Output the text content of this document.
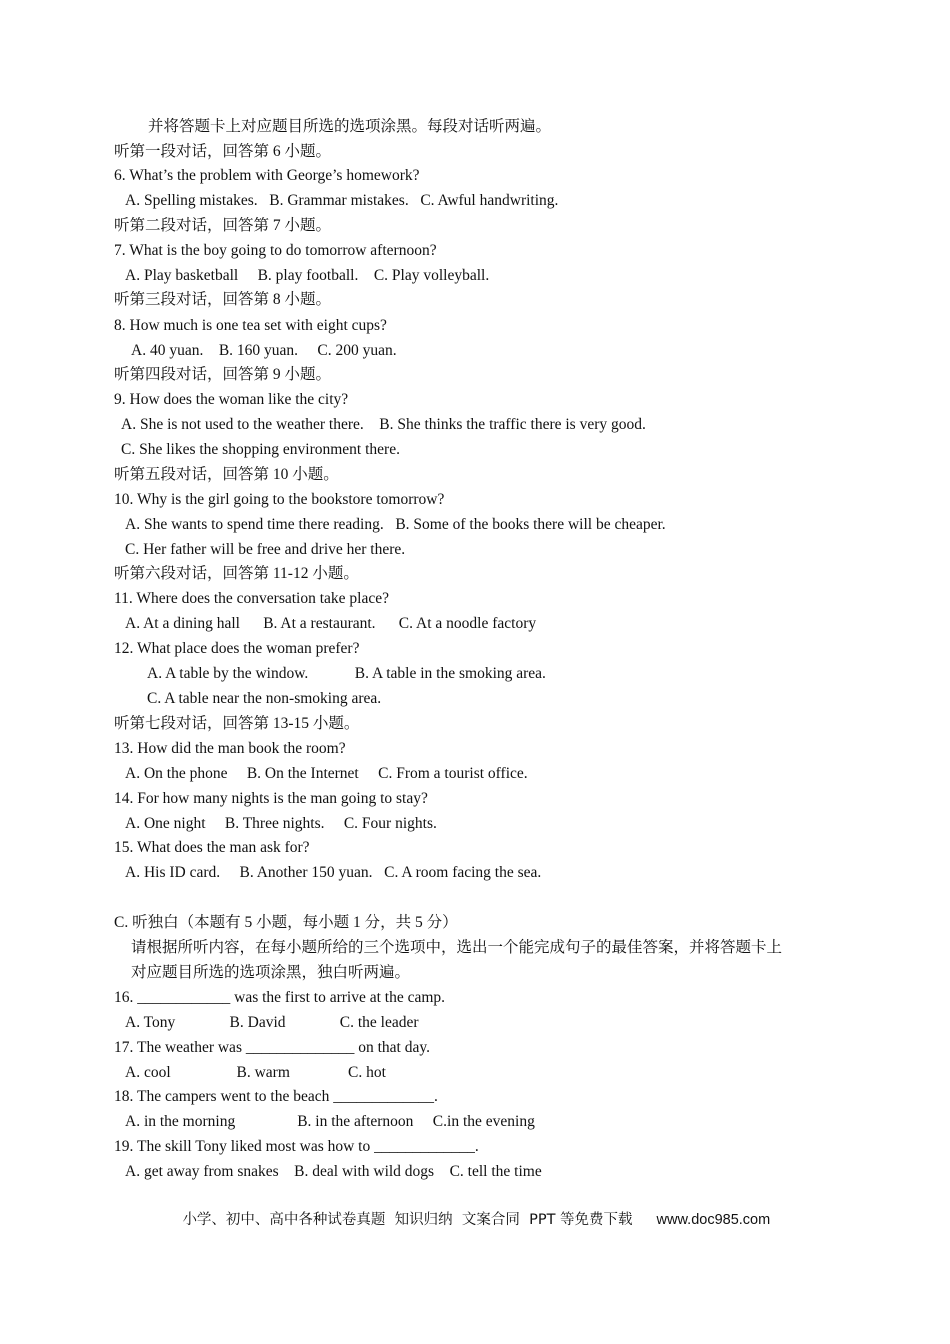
并将答题卡上对应题目所选的选项涂黑。每段对话听两遍。
听第一段对话，回答第 6 小题。
6. What’s the problem with George’s homework?
A. Spelling mistakes.   B. Grammar mistakes.   C. Awful handwriting.
听第二段对话，回答第 7 小题。
7. What is the boy going to do tomorrow afternoon?
A. Play basketball     B. play football.    C. Play volleyball.
听第三段对话，回答第 8 小题。
8. How much is one tea set with eight cups?
A. 40 yuan.    B. 160 yuan.     C. 200 yuan.
听第四段对话，回答第 9 小题。
9. How does the woman like the city?
A. She is not used to the weather there.    B. She thinks the traffic there is very good.
C. She likes the shopping environment there.
听第五段对话，回答第 10 小题。
10. Why is the girl going to the bookstore tomorrow?
A. She wants to spend time there reading.   B. Some of the books there will be cheaper.
C. Her father will be free and drive her there.
听第六段对话，回答第 11-12 小题。
11. Where does the conversation take place?
A. At a dining hall      B. At a restaurant.      C. At a noodle factory
12. What place does the woman prefer?
A. A table by the window.            B. A table in the smoking area.
C. A table near the non-smoking area.
听第七段对话，回答第 13-15 小题。
13. How did the man book the room?
A. On the phone     B. On the Internet     C. From a tourist office.
14. For how many nights is the man going to stay?
A. One night     B. Three nights.     C. Four nights.
15. What does the man ask for?
A. His ID card.     B. Another 150 yuan.   C. A room facing the sea.
C. 听独白（本题有 5 小题，每小题 1 分，共 5 分）
请根据所听内容，在每小题所给的三个选项中，选出一个能完成句子的最佳答案，并将答题卡上
对应题目所选的选项涂黑，独白听两遍。
16. ____________ was the first to arrive at the camp.
A. Tony              B. David              C. the leader
17. The weather was ______________ on that day.
A. cool                 B. warm               C. hot
18. The campers went to the beach _____________.
A. in the morning                B. in the afternoon     C.in the evening
19. The skill Tony liked most was how to _____________.
A. get away from snakes    B. deal with wild dogs    C. tell the time

小学、初中、高中各种试卷真题  知识归纳  文案合同  PPT 等免费下载 www.doc985.com
